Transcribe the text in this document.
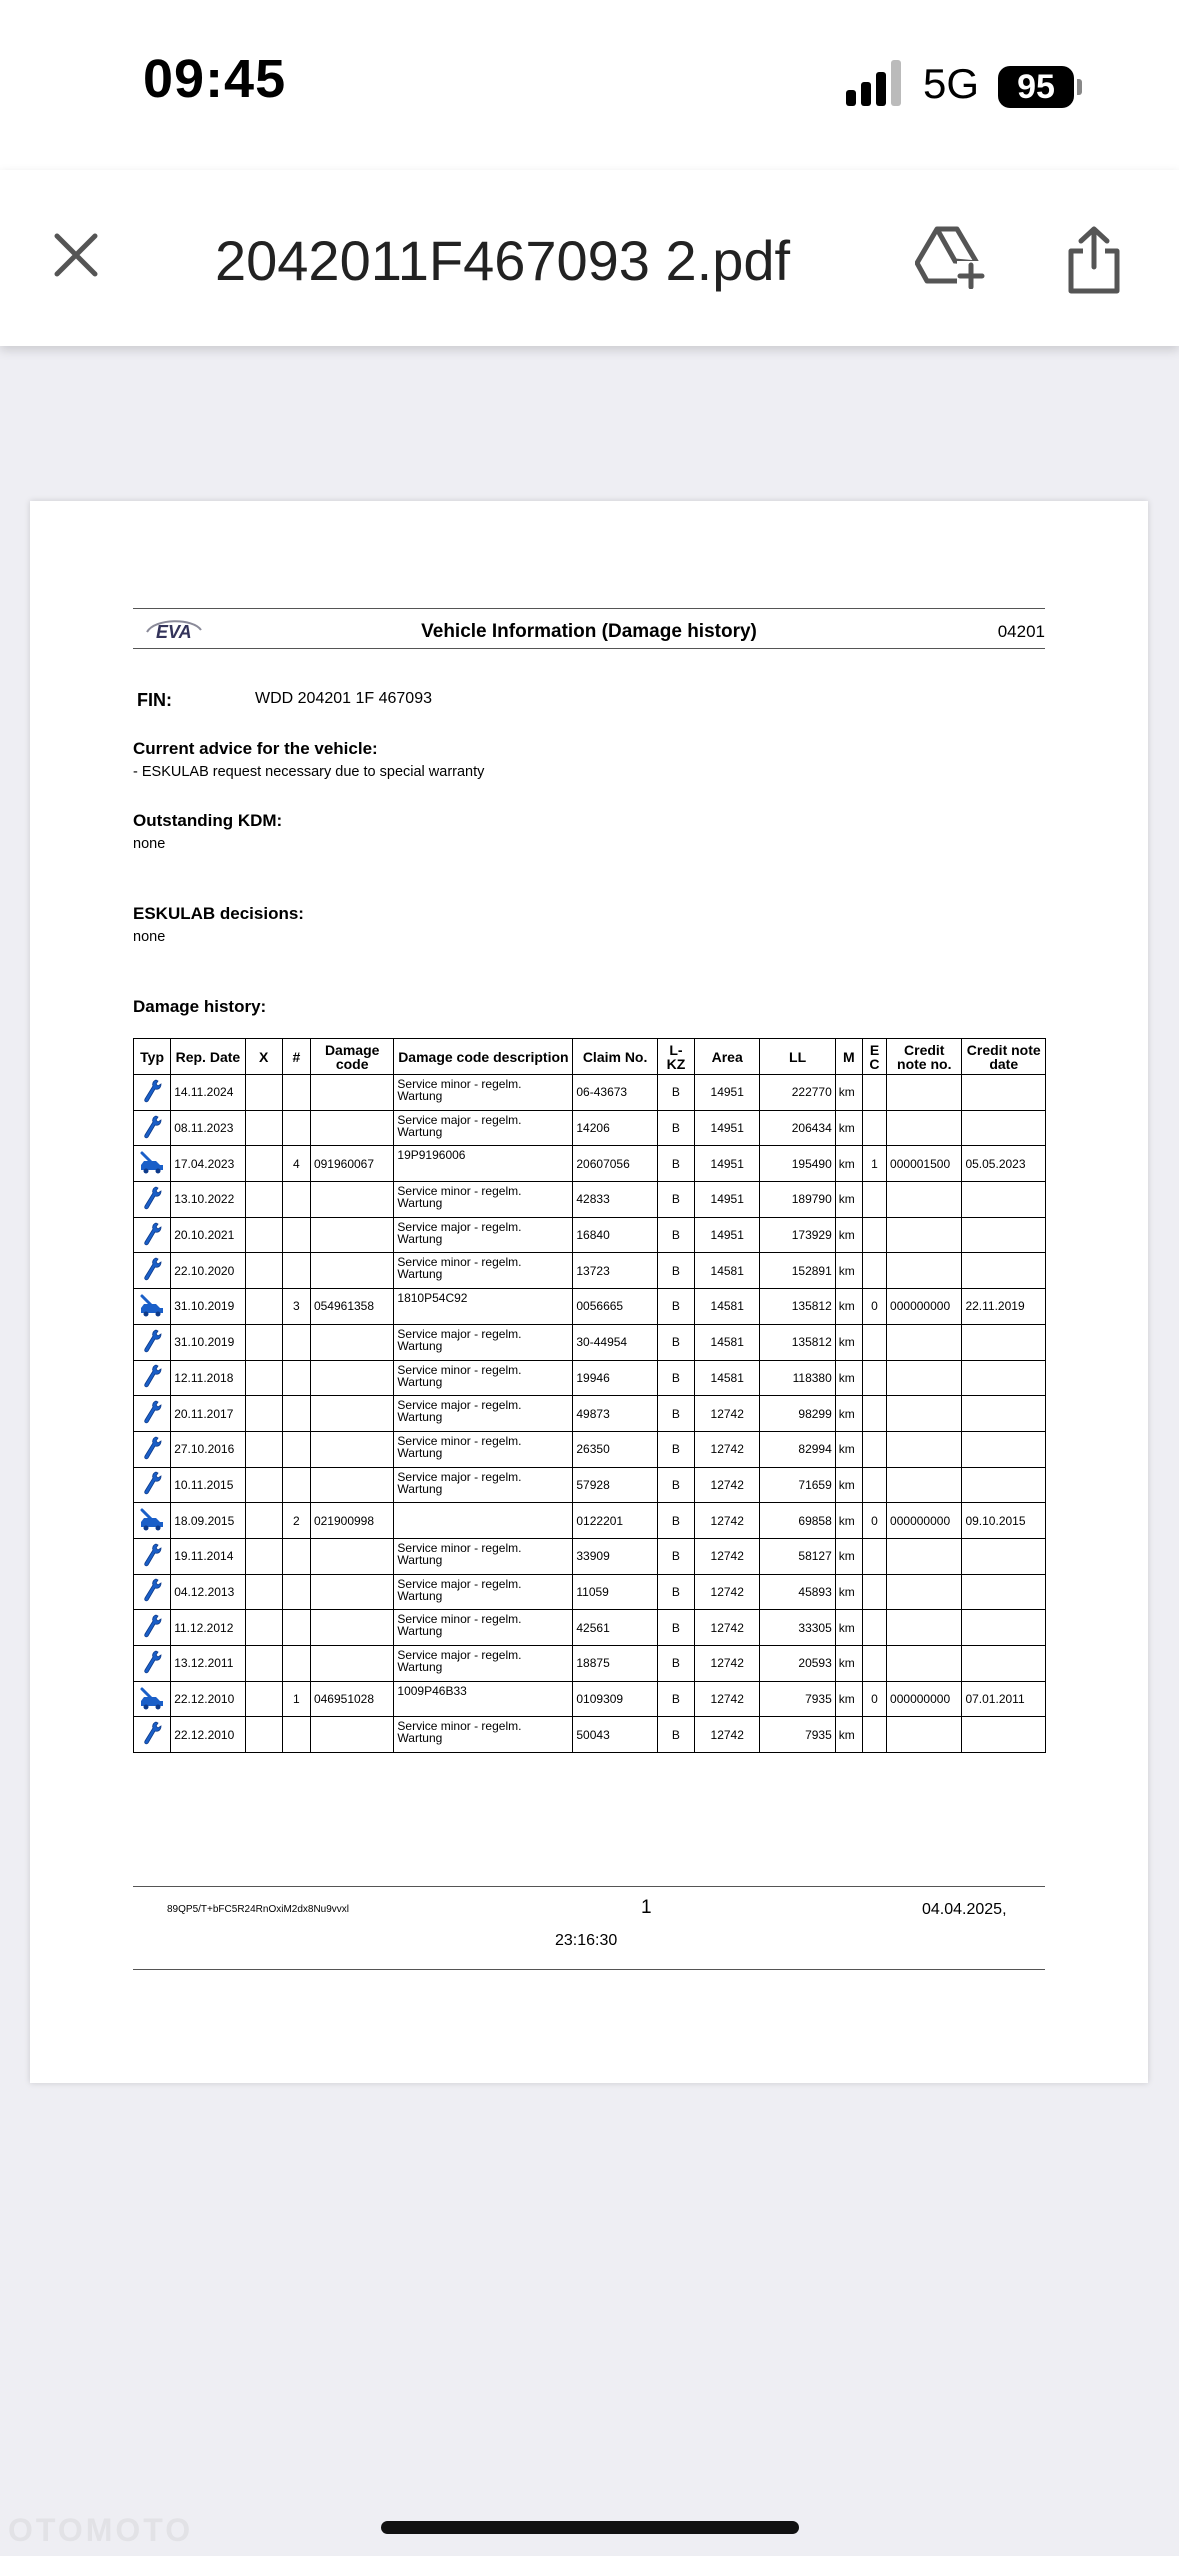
09:45	5G	95
2042011F467093 2.pdf
EVA	Vehicle Information (Damage history)	04201
FIN:	WDD 204201 1F 467093
Current advice for the vehicle:
- ESKULAB request necessary due to special warranty
Outstanding KDM:
none
ESKULAB decisions:
none
Damage history:
Typ	Rep. Date	X	#	Damage code	Damage code description	Claim No.	L-KZ	Area	LL	M	E C	Credit note no.	Credit note date
	14.11.2024				Service minor - regelm. Wartung	06-43673	B	14951	222770	km			
	08.11.2023				Service major - regelm. Wartung	14206	B	14951	206434	km			
	17.04.2023		4	091960067	19P9196006	20607056	B	14951	195490	km	1	000001500	05.05.2023
	13.10.2022				Service minor - regelm. Wartung	42833	B	14951	189790	km			
	20.10.2021				Service major - regelm. Wartung	16840	B	14951	173929	km			
	22.10.2020				Service minor - regelm. Wartung	13723	B	14581	152891	km			
	31.10.2019		3	054961358	1810P54C92	0056665	B	14581	135812	km	0	000000000	22.11.2019
	31.10.2019				Service major - regelm. Wartung	30-44954	B	14581	135812	km			
	12.11.2018				Service minor - regelm. Wartung	19946	B	14581	118380	km			
	20.11.2017				Service major - regelm. Wartung	49873	B	12742	98299	km			
	27.10.2016				Service minor - regelm. Wartung	26350	B	12742	82994	km			
	10.11.2015				Service major - regelm. Wartung	57928	B	12742	71659	km			
	18.09.2015		2	021900998		0122201	B	12742	69858	km	0	000000000	09.10.2015
	19.11.2014				Service minor - regelm. Wartung	33909	B	12742	58127	km			
	04.12.2013				Service major - regelm. Wartung	11059	B	12742	45893	km			
	11.12.2012				Service minor - regelm. Wartung	42561	B	12742	33305	km			
	13.12.2011				Service major - regelm. Wartung	18875	B	12742	20593	km			
	22.12.2010		1	046951028	1009P46B33	0109309	B	12742	7935	km	0	000000000	07.01.2011
	22.12.2010				Service minor - regelm. Wartung	50043	B	12742	7935	km			
89QP5/T+bFC5R24RnOxiM2dx8Nu9vvxl	1	04.04.2025,
23:16:30
OTOMOTO
